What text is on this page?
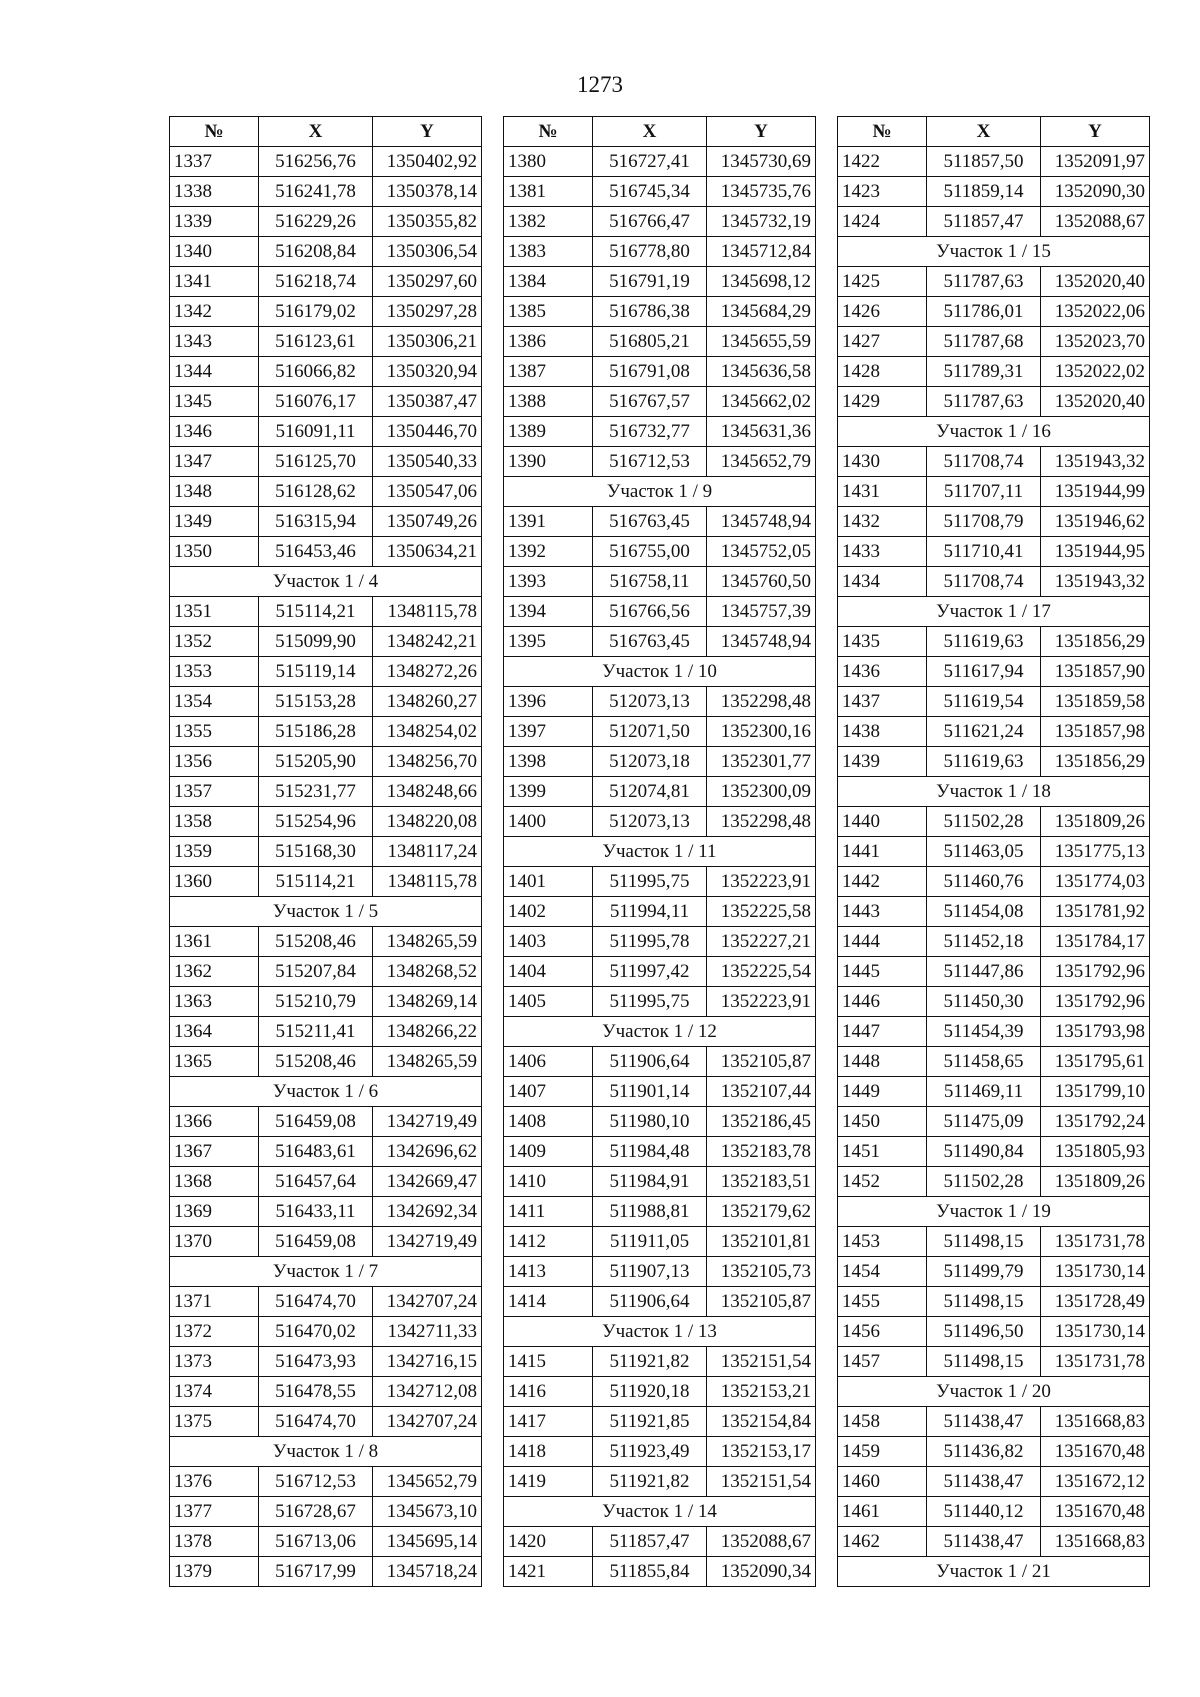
1273
№	X	Y
1337	516256,76	1350402,92
1338	516241,78	1350378,14
1339	516229,26	1350355,82
1340	516208,84	1350306,54
1341	516218,74	1350297,60
1342	516179,02	1350297,28
1343	516123,61	1350306,21
1344	516066,82	1350320,94
1345	516076,17	1350387,47
1346	516091,11	1350446,70
1347	516125,70	1350540,33
1348	516128,62	1350547,06
1349	516315,94	1350749,26
1350	516453,46	1350634,21
Участок 1 / 4		
1351	515114,21	1348115,78
1352	515099,90	1348242,21
1353	515119,14	1348272,26
1354	515153,28	1348260,27
1355	515186,28	1348254,02
1356	515205,90	1348256,70
1357	515231,77	1348248,66
1358	515254,96	1348220,08
1359	515168,30	1348117,24
1360	515114,21	1348115,78
Участок 1 / 5		
1361	515208,46	1348265,59
1362	515207,84	1348268,52
1363	515210,79	1348269,14
1364	515211,41	1348266,22
1365	515208,46	1348265,59
Участок 1 / 6		
1366	516459,08	1342719,49
1367	516483,61	1342696,62
1368	516457,64	1342669,47
1369	516433,11	1342692,34
1370	516459,08	1342719,49
Участок 1 / 7		
1371	516474,70	1342707,24
1372	516470,02	1342711,33
1373	516473,93	1342716,15
1374	516478,55	1342712,08
1375	516474,70	1342707,24
Участок 1 / 8		
1376	516712,53	1345652,79
1377	516728,67	1345673,10
1378	516713,06	1345695,14
1379	516717,99	1345718,24
№	X	Y
1380	516727,41	1345730,69
1381	516745,34	1345735,76
1382	516766,47	1345732,19
1383	516778,80	1345712,84
1384	516791,19	1345698,12
1385	516786,38	1345684,29
1386	516805,21	1345655,59
1387	516791,08	1345636,58
1388	516767,57	1345662,02
1389	516732,77	1345631,36
1390	516712,53	1345652,79
Участок 1 / 9		
1391	516763,45	1345748,94
1392	516755,00	1345752,05
1393	516758,11	1345760,50
1394	516766,56	1345757,39
1395	516763,45	1345748,94
Участок 1 / 10		
1396	512073,13	1352298,48
1397	512071,50	1352300,16
1398	512073,18	1352301,77
1399	512074,81	1352300,09
1400	512073,13	1352298,48
Участок 1 / 11		
1401	511995,75	1352223,91
1402	511994,11	1352225,58
1403	511995,78	1352227,21
1404	511997,42	1352225,54
1405	511995,75	1352223,91
Участок 1 / 12		
1406	511906,64	1352105,87
1407	511901,14	1352107,44
1408	511980,10	1352186,45
1409	511984,48	1352183,78
1410	511984,91	1352183,51
1411	511988,81	1352179,62
1412	511911,05	1352101,81
1413	511907,13	1352105,73
1414	511906,64	1352105,87
Участок 1 / 13		
1415	511921,82	1352151,54
1416	511920,18	1352153,21
1417	511921,85	1352154,84
1418	511923,49	1352153,17
1419	511921,82	1352151,54
Участок 1 / 14		
1420	511857,47	1352088,67
1421	511855,84	1352090,34
№	X	Y
1422	511857,50	1352091,97
1423	511859,14	1352090,30
1424	511857,47	1352088,67
Участок 1 / 15		
1425	511787,63	1352020,40
1426	511786,01	1352022,06
1427	511787,68	1352023,70
1428	511789,31	1352022,02
1429	511787,63	1352020,40
Участок 1 / 16		
1430	511708,74	1351943,32
1431	511707,11	1351944,99
1432	511708,79	1351946,62
1433	511710,41	1351944,95
1434	511708,74	1351943,32
Участок 1 / 17		
1435	511619,63	1351856,29
1436	511617,94	1351857,90
1437	511619,54	1351859,58
1438	511621,24	1351857,98
1439	511619,63	1351856,29
Участок 1 / 18		
1440	511502,28	1351809,26
1441	511463,05	1351775,13
1442	511460,76	1351774,03
1443	511454,08	1351781,92
1444	511452,18	1351784,17
1445	511447,86	1351792,96
1446	511450,30	1351792,96
1447	511454,39	1351793,98
1448	511458,65	1351795,61
1449	511469,11	1351799,10
1450	511475,09	1351792,24
1451	511490,84	1351805,93
1452	511502,28	1351809,26
Участок 1 / 19		
1453	511498,15	1351731,78
1454	511499,79	1351730,14
1455	511498,15	1351728,49
1456	511496,50	1351730,14
1457	511498,15	1351731,78
Участок 1 / 20		
1458	511438,47	1351668,83
1459	511436,82	1351670,48
1460	511438,47	1351672,12
1461	511440,12	1351670,48
1462	511438,47	1351668,83
Участок 1 / 21		
